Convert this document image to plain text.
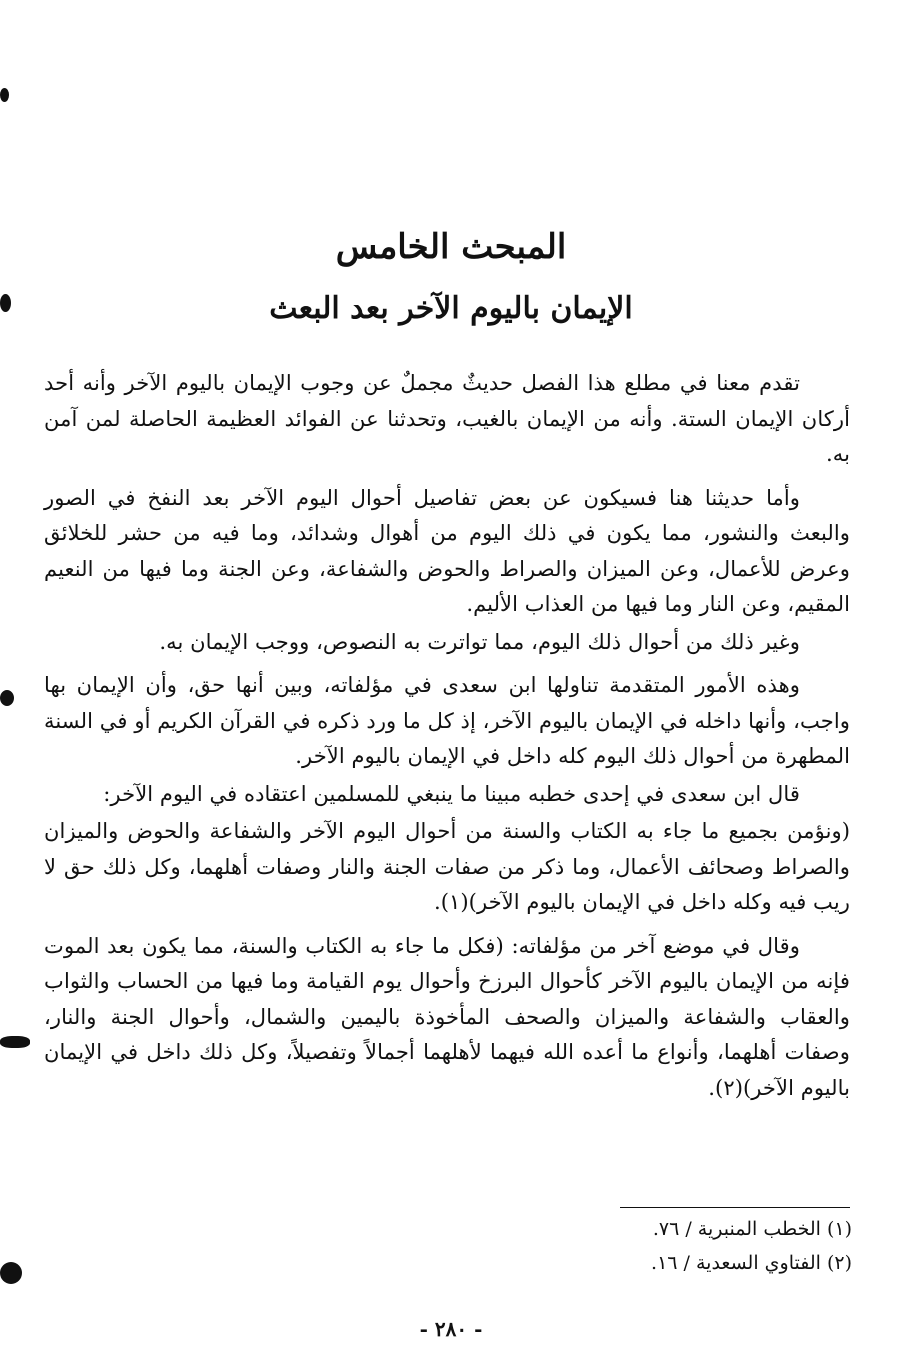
المبحث الخامس
الإيمان باليوم الآخر بعد البعث

تقدم معنا في مطلع هذا الفصل حديثٌ مجملٌ عن وجوب الإيمان باليوم الآخر وأنه أحد أركان الإيمان الستة. وأنه من الإيمان بالغيب، وتحدثنا عن الفوائد العظيمة الحاصلة لمن آمن به.

وأما حديثنا هنا فسيكون عن بعض تفاصيل أحوال اليوم الآخر بعد النفخ في الصور والبعث والنشور، مما يكون في ذلك اليوم من أهوال وشدائد، وما فيه من حشر للخلائق وعرض للأعمال، وعن الميزان والصراط والحوض والشفاعة، وعن الجنة وما فيها من النعيم المقيم، وعن النار وما فيها من العذاب الأليم.

وغير ذلك من أحوال ذلك اليوم، مما تواترت به النصوص، ووجب الإيمان به.

وهذه الأمور المتقدمة تناولها ابن سعدى في مؤلفاته، وبين أنها حق، وأن الإيمان بها واجب، وأنها داخله في الإيمان باليوم الآخر، إذ كل ما ورد ذكره في القرآن الكريم أو في السنة المطهرة من أحوال ذلك اليوم كله داخل في الإيمان باليوم الآخر.

قال ابن سعدى في إحدى خطبه مبينا ما ينبغي للمسلمين اعتقاده في اليوم الآخر:

(ونؤمن بجميع ما جاء به الكتاب والسنة من أحوال اليوم الآخر والشفاعة والحوض والميزان والصراط وصحائف الأعمال، وما ذكر من صفات الجنة والنار وصفات أهلهما، وكل ذلك حق لا ريب فيه وكله داخل في الإيمان باليوم الآخر)(١).

وقال في موضع آخر من مؤلفاته: (فكل ما جاء به الكتاب والسنة، مما يكون بعد الموت فإنه من الإيمان باليوم الآخر كأحوال البرزخ وأحوال يوم القيامة وما فيها من الحساب والثواب والعقاب والشفاعة والميزان والصحف المأخوذة باليمين والشمال، وأحوال الجنة والنار، وصفات أهلهما، وأنواع ما أعده الله فيهما لأهلهما أجمالاً وتفصيلاً، وكل ذلك داخل في الإيمان باليوم الآخر)(٢).

(١) الخطب المنبرية / ٧٦.
(٢) الفتاوي السعدية / ١٦.
- ٢٨٠ -
